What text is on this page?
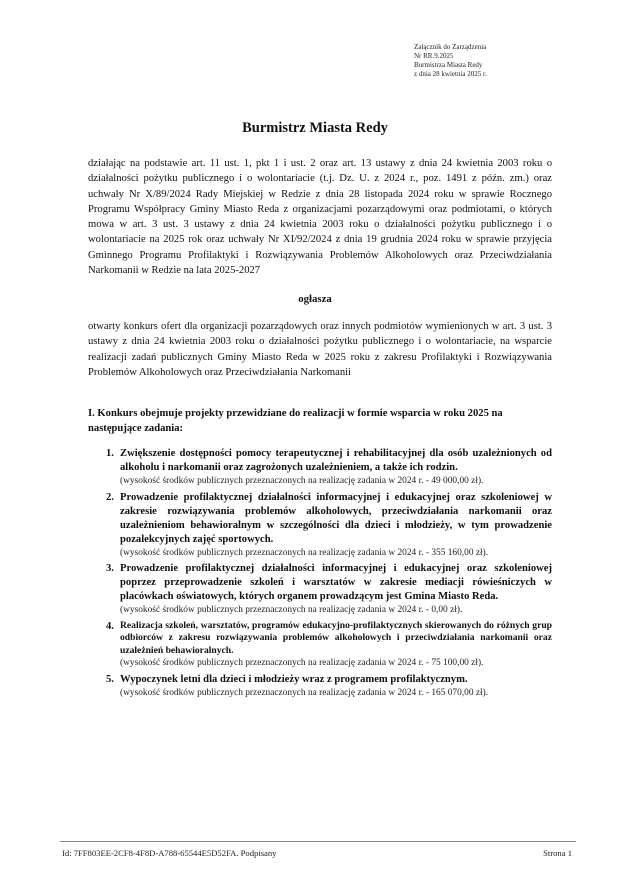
Załącznik do Zarządzenia
Nr RR.9.2025
Burmistrza Miasta Redy
z dnia 28 kwietnia 2025 r.
Burmistrz Miasta Redy
działając na podstawie art. 11 ust. 1, pkt 1 i ust. 2 oraz art. 13 ustawy z dnia 24 kwietnia 2003 roku o działalności pożytku publicznego i o wolontariacie (t.j. Dz. U. z 2024 r., poz. 1491 z późn. zm.) oraz uchwały Nr X/89/2024 Rady Miejskiej w Redzie z dnia 28 listopada 2024 roku w sprawie Rocznego Programu Współpracy Gminy Miasto Reda z organizacjami pozarządowymi oraz podmiotami, o których mowa w art. 3 ust. 3 ustawy z dnia 24 kwietnia 2003 roku o działalności pożytku publicznego i o wolontariacie na 2025 rok oraz uchwały Nr XI/92/2024 z dnia 19 grudnia 2024 roku w sprawie przyjęcia Gminnego Programu Profilaktyki i Rozwiązywania Problemów Alkoholowych oraz Przeciwdziałania Narkomanii w Redzie na lata 2025-2027
ogłasza
otwarty konkurs ofert dla organizacji pozarządowych oraz innych podmiotów wymienionych w art. 3 ust. 3 ustawy z dnia 24 kwietnia 2003 roku o działalności pożytku publicznego i o wolontariacie, na wsparcie realizacji zadań publicznych Gminy Miasto Reda w 2025 roku z zakresu Profilaktyki i Rozwiązywania Problemów Alkoholowych oraz Przeciwdziałania Narkomanii
I. Konkurs obejmuje projekty przewidziane do realizacji w formie wsparcia w roku 2025 na następujące zadania:
1. Zwiększenie dostępności pomocy terapeutycznej i rehabilitacyjnej dla osób uzależnionych od alkoholu i narkomanii oraz zagrożonych uzależnieniem, a także ich rodzin.
(wysokość środków publicznych przeznaczonych na realizację zadania w 2024 r. - 49 000,00 zł).
2. Prowadzenie profilaktycznej działalności informacyjnej i edukacyjnej oraz szkoleniowej w zakresie rozwiązywania problemów alkoholowych, przeciwdziałania narkomanii oraz uzależnieniom behawioralnym w szczególności dla dzieci i młodzieży, w tym prowadzenie pozalekcyjnych zajęć sportowych.
(wysokość środków publicznych przeznaczonych na realizację zadania w 2024 r. - 355 160,00 zł).
3. Prowadzenie profilaktycznej działalności informacyjnej i edukacyjnej oraz szkoleniowej poprzez przeprowadzenie szkoleń i warsztatów w zakresie mediacji rówieśniczych w placówkach oświatowych, których organem prowadzącym jest Gmina Miasto Reda.
(wysokość środków publicznych przeznaczonych na realizację zadania w 2024 r. - 0,00 zł).
4. Realizacja szkoleń, warsztatów, programów edukacyjno-profilaktycznych skierowanych do różnych grup odbiorców z zakresu rozwiązywania problemów alkoholowych i przeciwdziałania narkomanii oraz uzależnień behawioralnych.
(wysokość środków publicznych przeznaczonych na realizację zadania w 2024 r. - 75 100,00 zł).
5. Wypoczynek letni dla dzieci i młodzieży wraz z programem profilaktycznym.
(wysokość środków publicznych przeznaczonych na realizację zadania w 2024 r. - 165 070,00 zł).
Id: 7FF803EE-2CF8-4F8D-A788-65544E5D52FA. Podpisany	Strona 1
